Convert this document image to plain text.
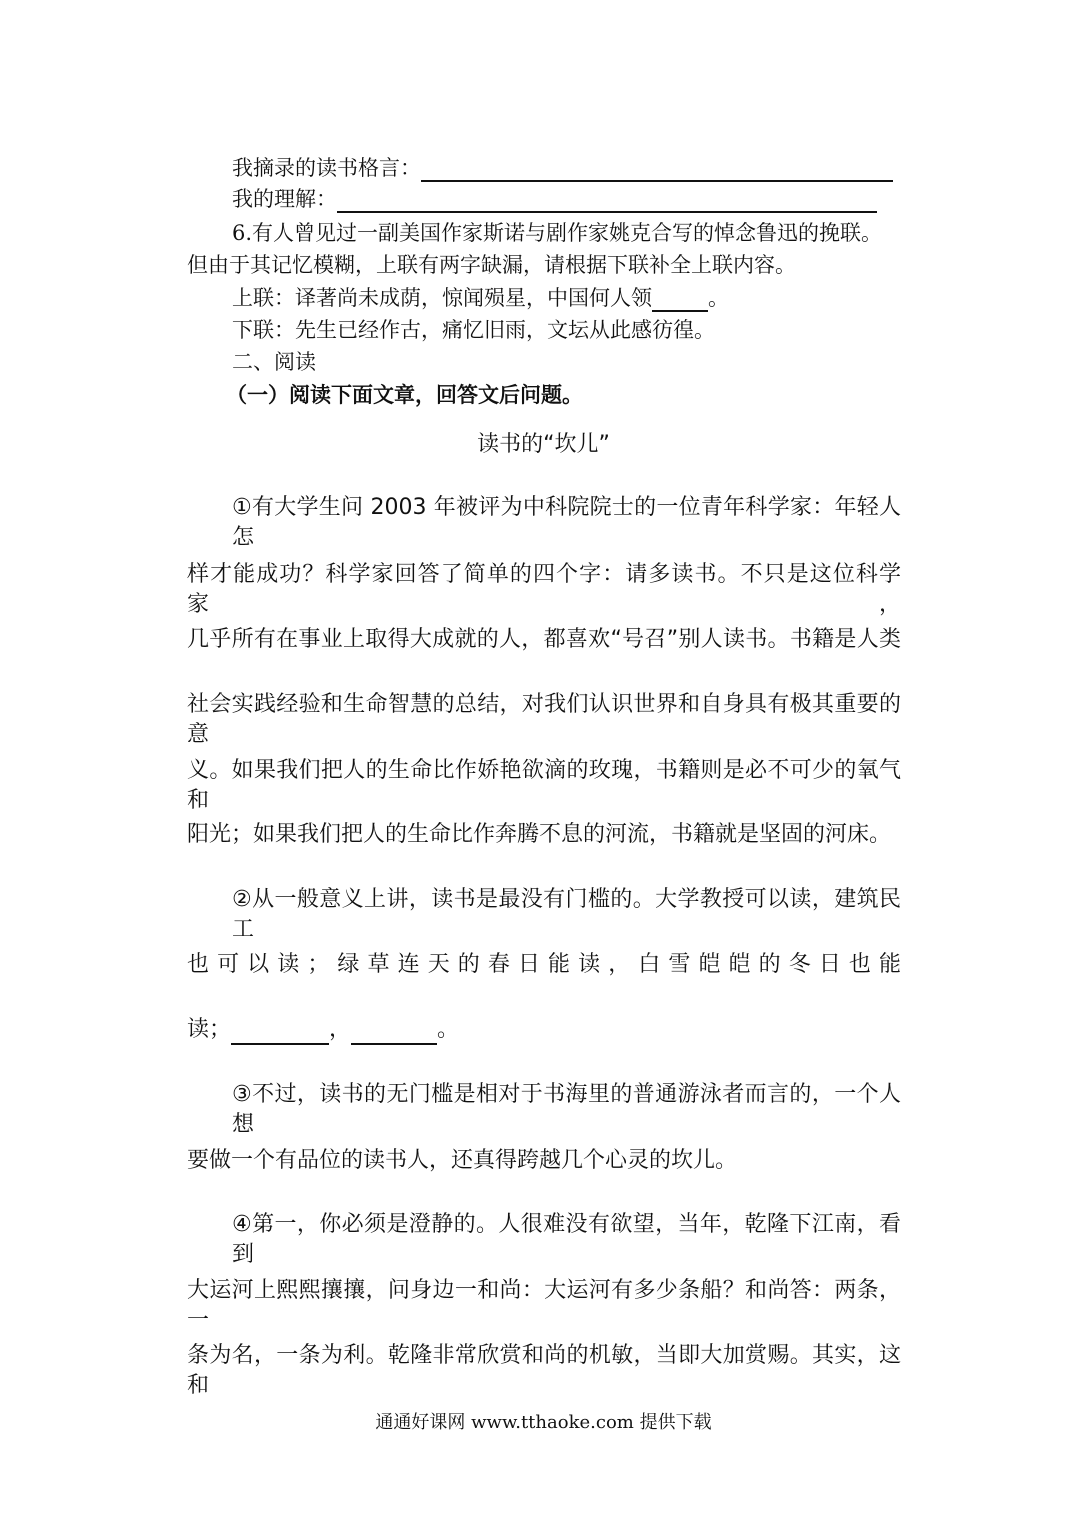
我摘录的读书格言：
我的理解：
6.有人曾见过一副美国作家斯诺与剧作家姚克合写的悼念鲁迅的挽联。
但由于其记忆模糊，上联有两字缺漏，请根据下联补全上联内容。
上联：译著尚未成荫，惊闻殒星，中国何人领	。
下联：先生已经作古，痛忆旧雨，文坛从此感彷徨。
二、阅读
（一）阅读下面文章，回答文后问题。
读书的“坎儿”
①有大学生问 2003 年被评为中科院院士的一位青年科学家：年轻人怎
样才能成功？科学家回答了简单的四个字：请多读书。不只是这位科学家，
几乎所有在事业上取得大成就的人，都喜欢“号召”别人读书。书籍是人类
社会实践经验和生命智慧的总结，对我们认识世界和自身具有极其重要的意
义。如果我们把人的生命比作娇艳欲滴的玫瑰，书籍则是必不可少的氧气和
阳光；如果我们把人的生命比作奔腾不息的河流，书籍就是坚固的河床。
②从一般意义上讲，读书是最没有门槛的。大学教授可以读，建筑民工
也可以读；绿草连天的春日能读，白雪皑皑的冬日也能
读；	，	。
③不过，读书的无门槛是相对于书海里的普通游泳者而言的，一个人想
要做一个有品位的读书人，还真得跨越几个心灵的坎儿。
④第一，你必须是澄静的。人很难没有欲望，当年，乾隆下江南，看到
大运河上熙熙攘攘，问身边一和尚：大运河有多少条船？和尚答：两条，一
条为名，一条为利。乾隆非常欣赏和尚的机敏，当即大加赏赐。其实，这和
通通好课网 www.tthaoke.com 提供下载
